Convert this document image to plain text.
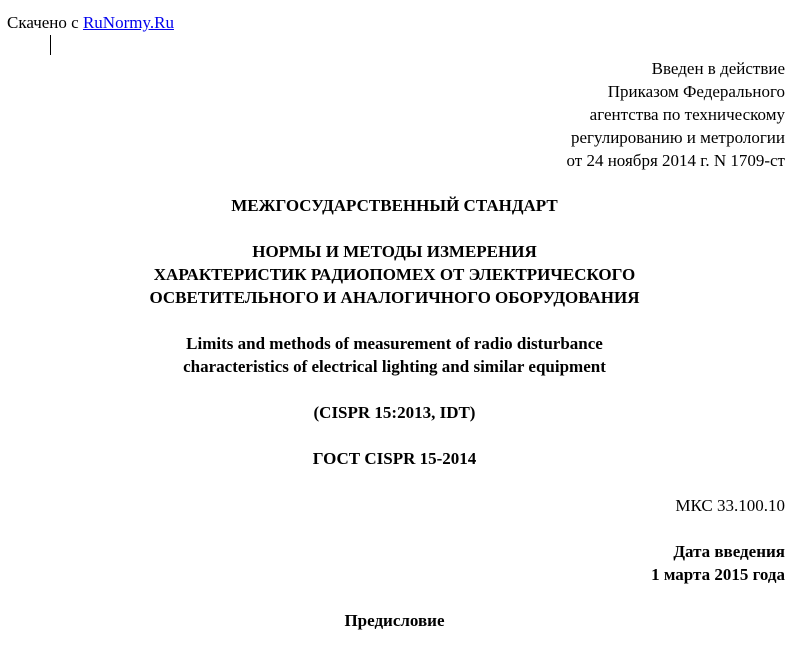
Скачено с RuNormy.Ru
Введен в действие
Приказом Федерального
агентства по техническому
регулированию и метрологии
от 24 ноября 2014 г. N 1709-ст
МЕЖГОСУДАРСТВЕННЫЙ СТАНДАРТ
НОРМЫ И МЕТОДЫ ИЗМЕРЕНИЯ
ХАРАКТЕРИСТИК РАДИОПОМЕХ ОТ ЭЛЕКТРИЧЕСКОГО
ОСВЕТИТЕЛЬНОГО И АНАЛОГИЧНОГО ОБОРУДОВАНИЯ
Limits and methods of measurement of radio disturbance
characteristics of electrical lighting and similar equipment
(CISPR 15:2013, IDT)
ГОСТ CISPR 15-2014
МКС 33.100.10
Дата введения
1 марта 2015 года
Предисловие
